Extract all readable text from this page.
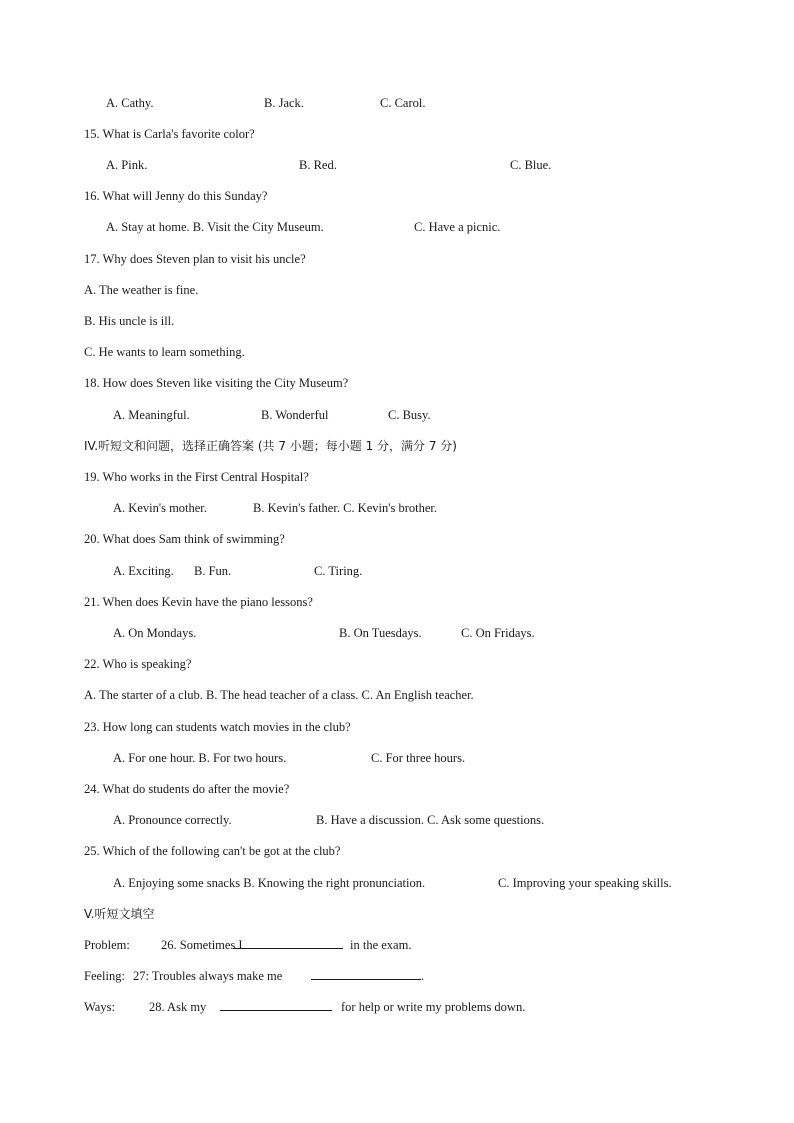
A. Cathy.	B. Jack.	C. Carol.
15. What is Carla's favorite color?
A. Pink.	B. Red.	C. Blue.
16. What will Jenny do this Sunday?
A. Stay at home. B. Visit the City Museum.	C. Have a picnic.
17. Why does Steven plan to visit his uncle?
A. The weather is fine.
B. His uncle is ill.
C. He wants to learn something.
18. How does Steven like visiting the City Museum?
A. Meaningful.	B. Wonderful	C. Busy.
IV.听短文和问题，选择正确答案 (共 7 小题；每小题 1 分，满分 7 分)
19. Who works in the First Central Hospital?
A. Kevin's mother.	B. Kevin's father. C. Kevin's brother.
20. What does Sam think of swimming?
A. Exciting. B. Fun.	C. Tiring.
21. When does Kevin have the piano lessons?
A. On Mondays.	B. On Tuesdays.	C. On Fridays.
22. Who is speaking?
A. The starter of a club. B. The head teacher of a class. C. An English teacher.
23. How long can students watch movies in the club?
A. For one hour. B. For two hours.	C. For three hours.
24. What do students do after the movie?
A. Pronounce correctly.	B. Have a discussion. C. Ask some questions.
25. Which of the following can't be got at the club?
A. Enjoying some snacks B. Knowing the right pronunciation.	C. Improving your speaking skills.
V.听短文填空
Problem: 26. Sometimes I	in the exam.
Feeling: 27: Troubles always make me	.
Ways:	28. Ask my	for help or write my problems down.
